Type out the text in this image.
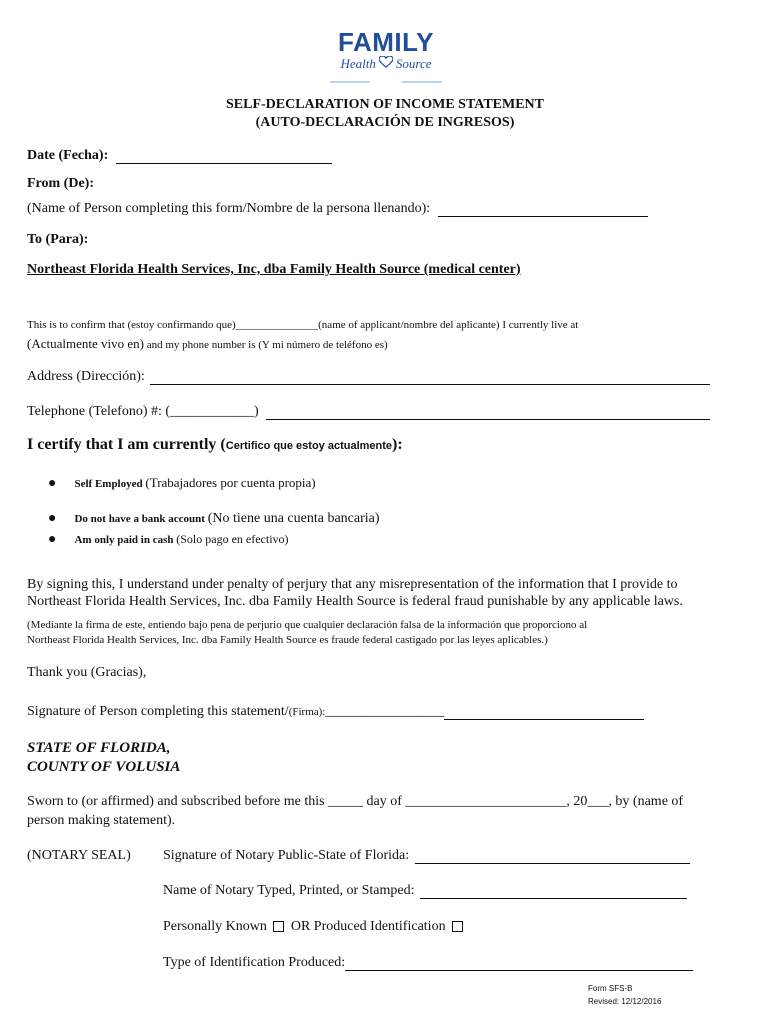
FAMILY
Health Source
SELF-DECLARATION OF INCOME STATEMENT
(AUTO-DECLARACIÓN DE INGRESOS)
Date (Fecha):
From (De):
(Name of Person completing this form/Nombre de la persona llenando):
To (Para):
Northeast Florida Health Services, Inc, dba Family Health Source (medical center)
This is to confirm that (estoy confirmando que)_______________(name of applicant/nombre del aplicante) I currently live at
(Actualmente vivo en) and my phone number is (Y mi número de teléfono es)
Address (Dirección):
Telephone (Telefono) #: (____________)
I certify that I am currently (Certifico que estoy actualmente):
● Self Employed (Trabajadores por cuenta propia)
● Do not have a bank account (No tiene una cuenta bancaria)
● Am only paid in cash (Solo pago en efectivo)
By signing this, I understand under penalty of perjury that any misrepresentation of the information that I provide to
Northeast Florida Health Services, Inc. dba Family Health Source is federal fraud punishable by any applicable laws.
(Mediante la firma de este, entiendo bajo pena de perjurio que cualquier declaración falsa de la información que proporciono al
Northeast Florida Health Services, Inc. dba Family Health Source es fraude federal castigado por las leyes aplicables.)
Thank you (Gracias),
Signature of Person completing this statement/(Firma):_________________
STATE OF FLORIDA,
COUNTY OF VOLUSIA
Sworn to (or affirmed) and subscribed before me this _____ day of _______________________, 20___, by (name of
person making statement).
(NOTARY SEAL) Signature of Notary Public-State of Florida:
Name of Notary Typed, Printed, or Stamped:
Personally Known OR Produced Identification
Type of Identification Produced:
Form SFS-B
Revised: 12/12/2016
